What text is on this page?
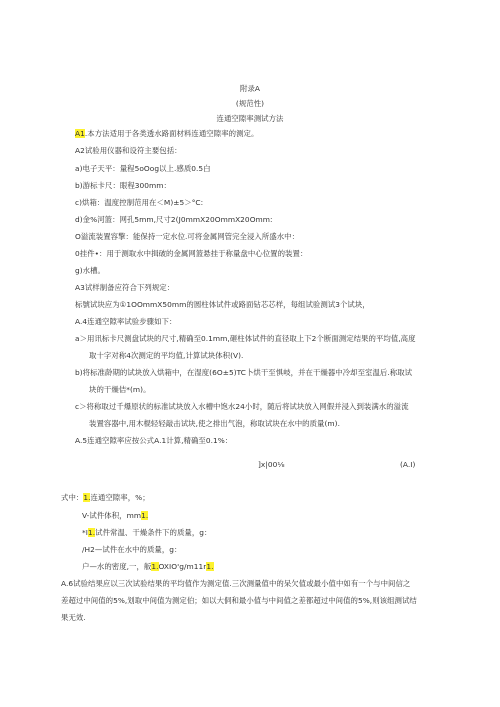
附录A
(规范性)
连通空隙率测试方法
A1.本方法适用于各类透水路面材料连通空隙率的测定。
A2试验用仪器和设符主要包括：
a)电子天平：量程5oOog以上.感质0.5白
b)游标卡尺：眼程300mm：
c)烘箱：温度控制范用在＜M)±5＞°C:
d)金%河篮：网孔5mm,尺寸2(J0mmX20OmmX20Omm:
O溢流装置容擎：能保持一定水位.可将金属网管完全浸入所盛水中：
0挂件•：用于测取水中揖破的金属网篮悬挂于称量盘中心位置的装置：
g)水槽。
A3试样制备应符合下列规定：
标號试块应为①1OOmmX50mm的圆柱体试件或路面钻芯芯样，每组试验测试3个试块，
A.4连通空隙率试验步骤如下：
a＞用讯标卡尺测盘试块的尺寸,精确至0.1mm,砸柱体试件的直径取上下2个断面测定结果的平均值,高度
取十字对称4次测定的平均值,计算试块体积(V).
b)将标准龄期的试块放入烘箱中，在湿度(6O±5)TC卜烘干至惧岐，并在干燥器中冷却至室温后.称取试
块的干燥佶*(m)。
c＞将称取过千爆原状的标准试块放入水槽中饱水24小时，随后将试块放入网假并浸入到装满水的溢流
装置容器中,用木棍轻轻敲击试块,使之排出气泡，称取试块在水中的质量(m).
A.5连通空隙率应按公式A.1计算,精确至0.1%：
]x|00⅛	(A.I)
式中：1.连通空隙率，%；
V-试件体积，mm1.
*I1.试件常温、干燥条件下的质量，g：
/H2—试件在水中的质量，g：
户—水的密度,一，舨1.OXIO'g/m11r1.
A.6试验结果应以三次试验结果的平均值作为测定值.三次测量值中的呆欠值或最小值中如有一个与中间信之
差超过中间值的5%,划取中间值为测定伯；如以大侗和最小值与中间值之差都超过中间值的5%,则该组测试结
果无效.
